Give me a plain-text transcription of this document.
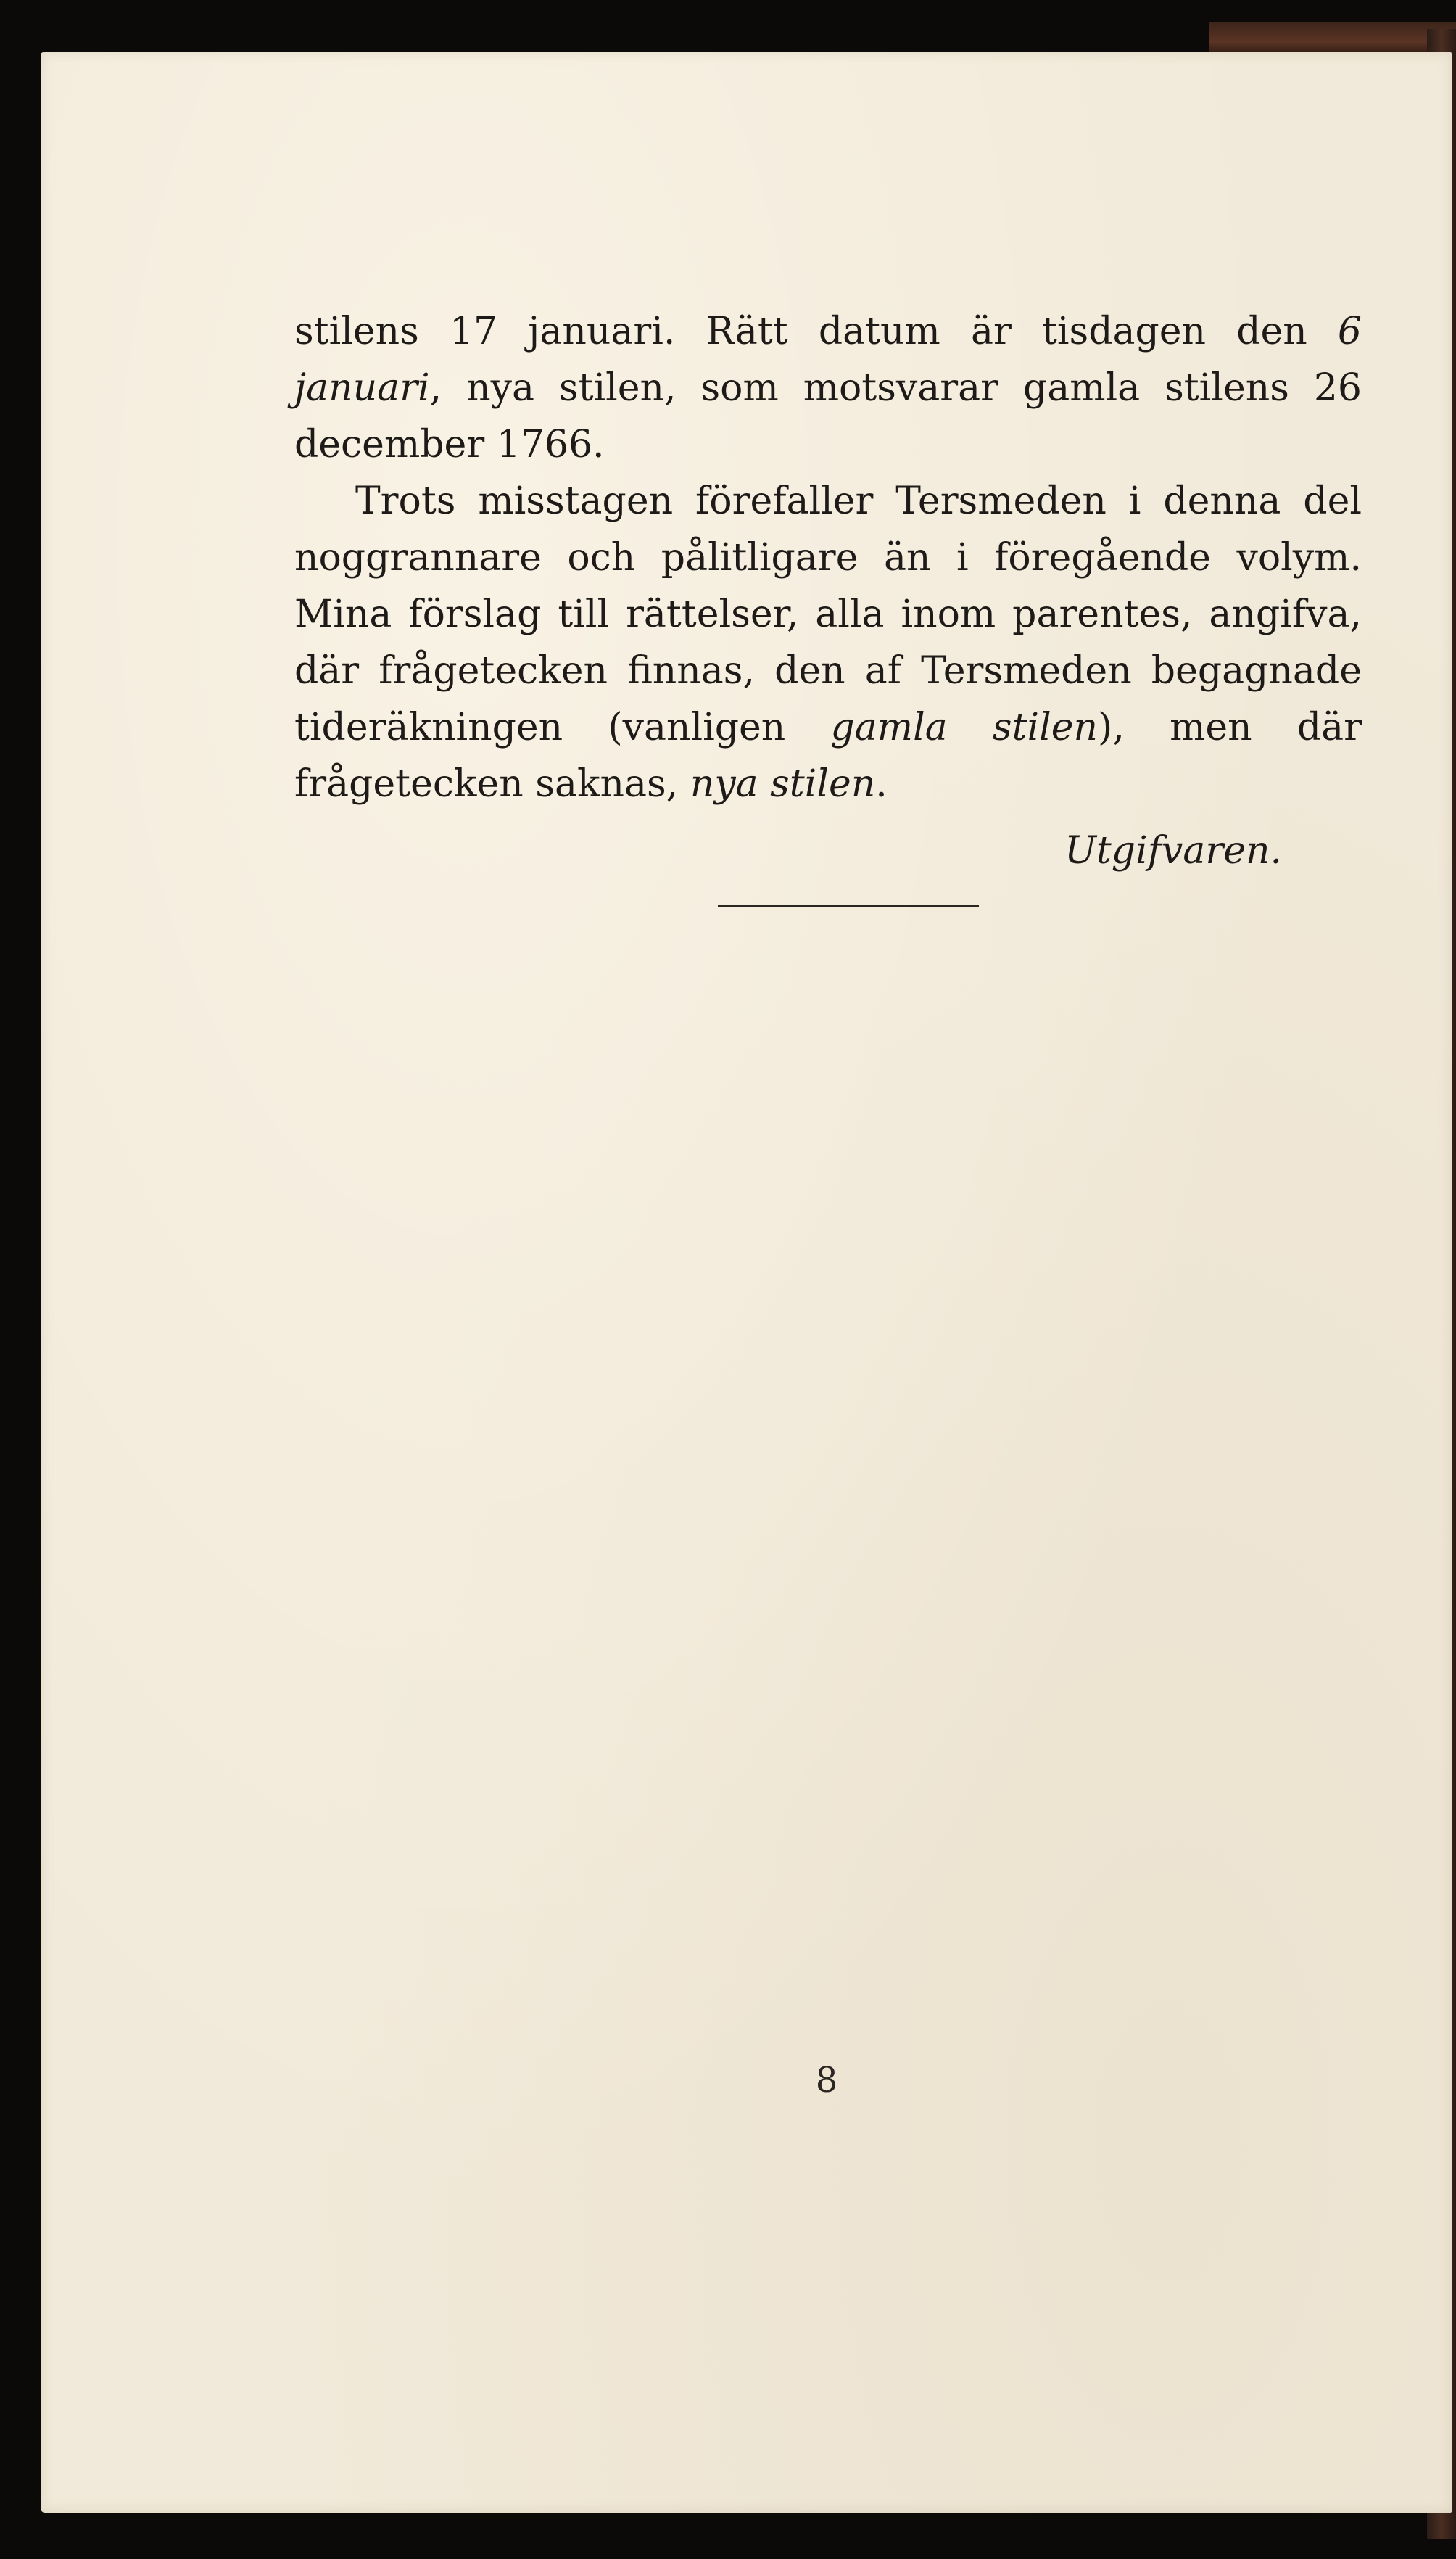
stilens 17 januari. Rätt datum är tisdagen den 6 januari, nya stilen, som motsvarar gamla stilens 26 december 1766.

Trots misstagen förefaller Tersmeden i denna del noggrannare och pålitligare än i föregående volym. Mina förslag till rättelser, alla inom parentes, angifva, där frågetecken finnas, den af Tersmeden begagnade tideräkningen (vanligen gamla stilen), men där frågetecken saknas, nya stilen.

Utgifvaren.

8
